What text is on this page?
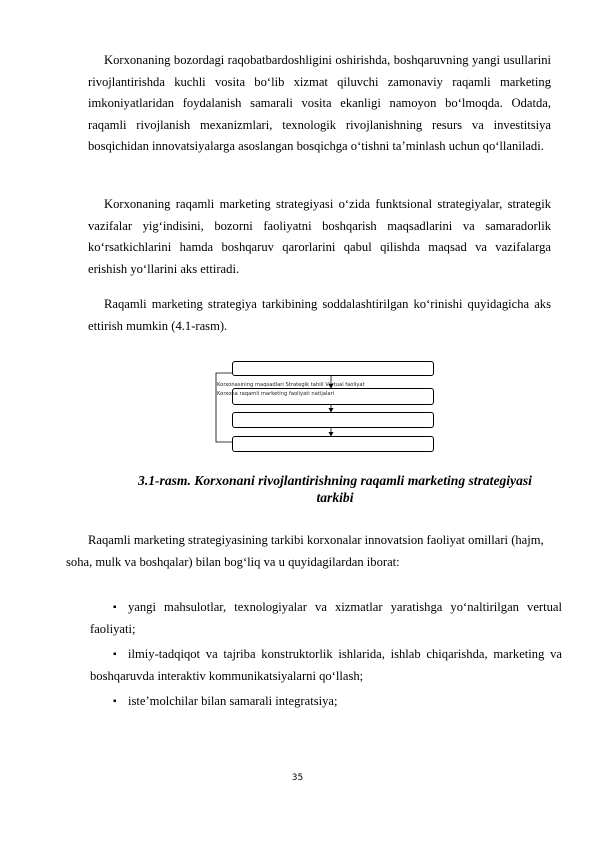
Korxonaning bozordagi raqobatbardoshligini oshirishda, boshqaruvning yangi usullarini rivojlantirishda kuchli vosita bo‘lib xizmat qiluvchi zamonaviy raqamli marketing imkoniyatlaridan foydalanish samarali vosita ekanligi namoyon bo‘lmoqda. Odatda, raqamli rivojlanish mexanizmlari, texnologik rivojlanishning resurs va investitsiya bosqichidan innovatsiyalarga asoslangan bosqichga o‘tishni ta’minlash uchun qo‘llaniladi.

Korxonaning raqamli marketing strategiyasi o‘zida funktsional strategiyalar, strategik vazifalar yig‘indisini, bozorni faoliyatni boshqarish maqsadlarini va samaradorlik ko‘rsatkichlarini hamda boshqaruv qarorlarini qabul qilishda maqsad va vazifalarga erishish yo‘llarini aks ettiradi.

Raqamli marketing strategiya tarkibining soddalashtirilgan ko‘rinishi quyidagicha aks ettirish mumkin (4.1-rasm).

Korxonasining maqsadlari Strategik tahlil Vertual faoliyat
Korxona raqamli marketing faoliyati natijalari

3.1-rasm. Korxonani rivojlantirishning raqamli marketing strategiyasi
tarkibi

Raqamli marketing strategiyasining tarkibi korxonalar innovatsion faoliyat omillari (hajm, soha, mulk va boshqalar) bilan bog‘liq va u quyidagilardan iborat:

▪ yangi mahsulotlar, texnologiyalar va xizmatlar yaratishga yo‘naltirilgan vertual faoliyati;
▪ ilmiy-tadqiqot va tajriba konstruktorlik ishlarida, ishlab chiqarishda, marketing va boshqaruvda interaktiv kommunikatsiyalarni qo‘llash;
▪ iste’molchilar bilan samarali integratsiya;
35
